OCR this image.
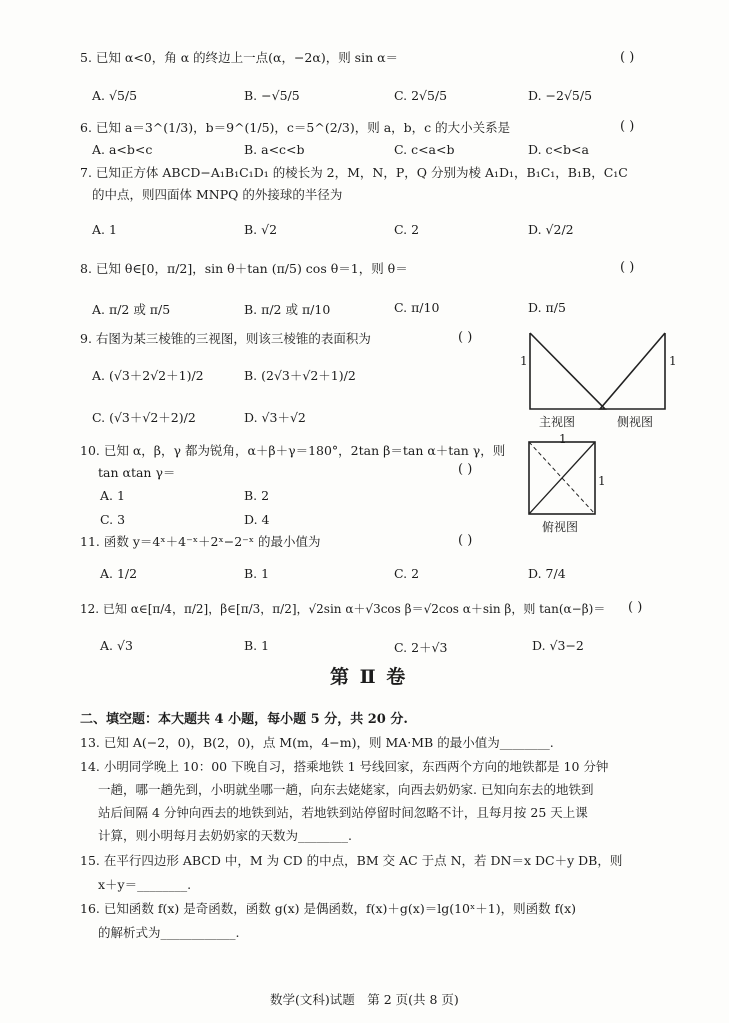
5. 已知 α<0，角 α 的终边上一点(α，−2α)，则 sin α＝	( )
A. √5/5	B. −√5/5	C. 2√5/5	D. −2√5/5
6. 已知 a＝3^(1/3)，b＝9^(1/5)，c＝5^(2/3)，则 a，b，c 的大小关系是	( )
A. a<b<c	B. a<c<b	C. c<a<b	D. c<b<a
7. 已知正方体 ABCD−A₁B₁C₁D₁ 的棱长为 2，M，N，P，Q 分别为棱 A₁D₁，B₁C₁，B₁B，C₁C
的中点，则四面体 MNPQ 的外接球的半径为
A. 1	B. √2	C. 2	D. √2/2
8. 已知 θ∈[0，π/2]，sin θ＋tan (π/5) cos θ＝1，则 θ＝	( )
A. π/2 或 π/5	B. π/2 或 π/10	C. π/10	D. π/5
9. 右图为某三棱锥的三视图，则该三棱锥的表面积为	( )
A. (√3＋2√2＋1)/2	B. (2√3＋√2＋1)/2
C. (√3＋√2＋2)/2	D. √3＋√2
1	1
主视图	侧视图
1
1
俯视图
10. 已知 α，β，γ 都为锐角，α＋β＋γ＝180°，2tan β＝tan α＋tan γ，则
tan αtan γ＝	( )
A. 1	B. 2
C. 3	D. 4
11. 函数 y＝4ˣ＋4⁻ˣ＋2ˣ−2⁻ˣ 的最小值为	( )
A. 1/2	B. 1	C. 2	D. 7/4
12. 已知 α∈[π/4，π/2]，β∈[π/3，π/2]，√2sin α＋√3cos β＝√2cos α＋sin β，则 tan(α−β)＝ ( )
A. √3	B. 1	C. 2＋√3	D. √3−2
第 Ⅱ 卷
二、填空题：本大题共 4 小题，每小题 5 分，共 20 分.
13. 已知 A(−2，0)，B(2，0)，点 M(m，4−m)，则 MA·MB 的最小值为________.
14. 小明同学晚上 10：00 下晚自习，搭乘地铁 1 号线回家，东西两个方向的地铁都是 10 分钟
一趟，哪一趟先到，小明就坐哪一趟，向东去姥姥家，向西去奶奶家. 已知向东去的地铁到
站后间隔 4 分钟向西去的地铁到站，若地铁到站停留时间忽略不计，且每月按 25 天上课
计算，则小明每月去奶奶家的天数为________.
15. 在平行四边形 ABCD 中，M 为 CD 的中点，BM 交 AC 于点 N，若 DN＝x DC＋y DB，则
x＋y＝________.
16. 已知函数 f(x) 是奇函数，函数 g(x) 是偶函数，f(x)＋g(x)＝lg(10ˣ＋1)，则函数 f(x)
的解析式为____________.
数学(文科)试题　第 2 页(共 8 页)
